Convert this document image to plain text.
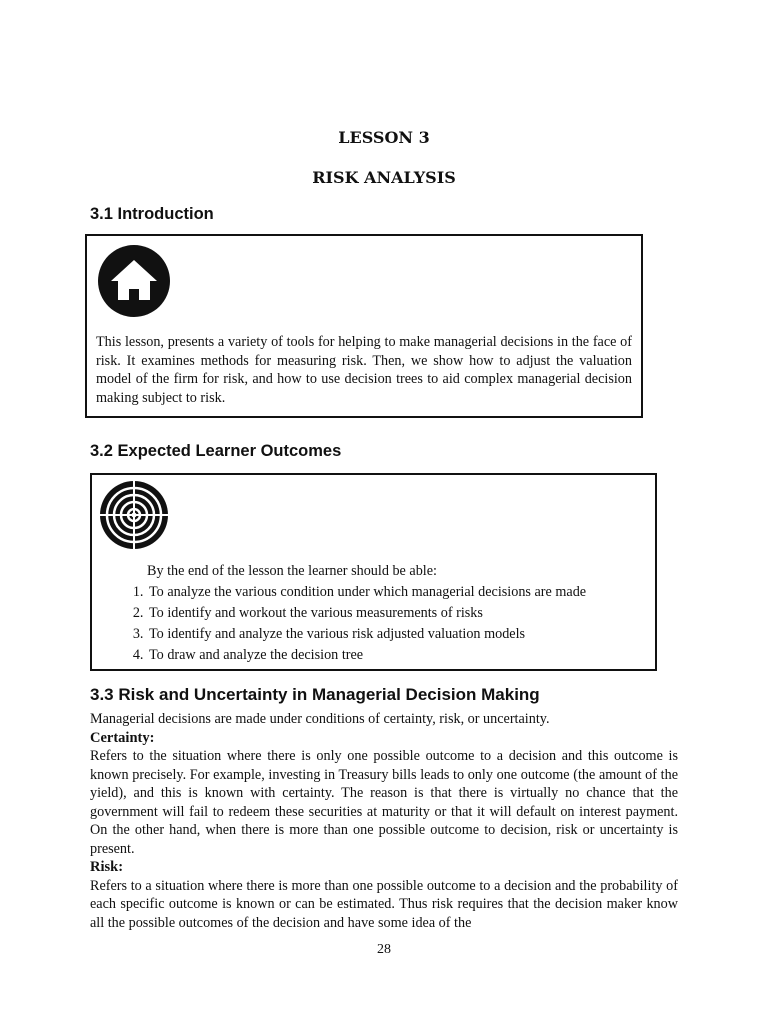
LESSON 3
RISK ANALYSIS
3.1 Introduction
This lesson, presents a variety of tools for helping to make managerial decisions in the face of risk. It examines methods for measuring risk. Then, we show how to adjust the valuation model of the firm for risk, and how to use decision trees to aid complex managerial decision making subject to risk.
3.2 Expected Learner Outcomes
By the end of the lesson the learner should be able:
1. To analyze the various condition under which managerial decisions are made
2. To identify and workout the various measurements of risks
3. To identify and analyze the various risk adjusted valuation models
4. To draw and analyze the decision tree
3.3 Risk and Uncertainty in Managerial Decision Making
Managerial decisions are made under conditions of certainty, risk, or uncertainty.
Certainty:
Refers to the situation where there is only one possible outcome to a decision and this outcome is known precisely. For example, investing in Treasury bills leads to only one outcome (the amount of the yield), and this is known with certainty. The reason is that there is virtually no chance that the government will fail to redeem these securities at maturity or that it will default on interest payment. On the other hand, when there is more than one possible outcome to decision, risk or uncertainty is present.
Risk:
Refers to a situation where there is more than one possible outcome to a decision and the probability of each specific outcome is known or can be estimated. Thus risk requires that the decision maker know all the possible outcomes of the decision and have some idea of the
28
